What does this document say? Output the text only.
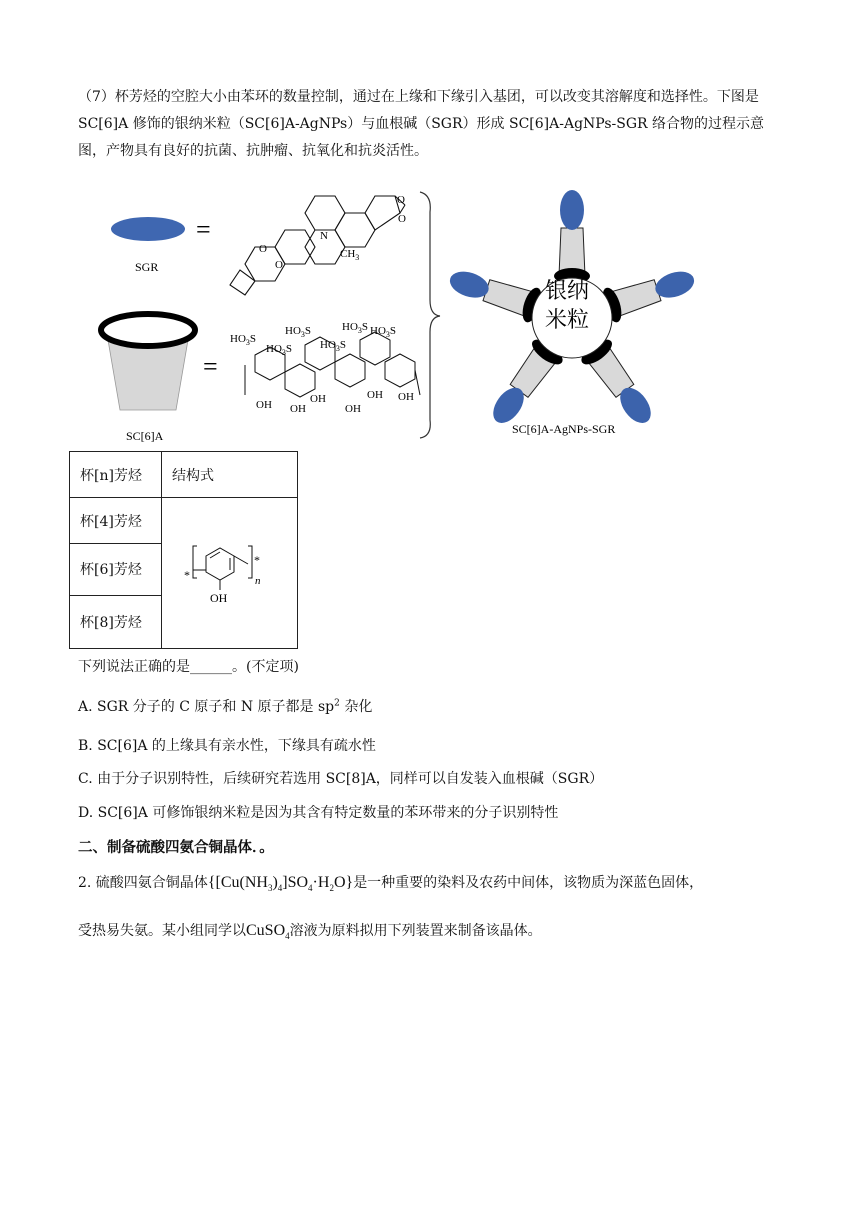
（7）杯芳烃的空腔大小由苯环的数量控制，通过在上缘和下缘引入基团，可以改变其溶解度和选择性。下图是 SC[6]A 修饰的银纳米粒（SC[6]A-AgNPs）与血根碱（SGR）形成 SC[6]A-AgNPs-SGR 络合物的过程示意图，产物具有良好的抗菌、抗肿瘤、抗氧化和抗炎活性。
SGR
=
O
O
O
O
N
$CH_3$
SC[6]A
=
$HO_3S$
$HO_3S$
$HO_3S$
$HO_3S$
$HO_3S$ $HO_3S$
OH OH
OH
OH
OH OH
银纳
米粒
SC[6]A-AgNPs-SGR
杯[n]芳烃	结构式
杯[4]芳烃	*
OH
*
n

杯[6]芳烃	
杯[8]芳烃	
下列说法正确的是______。(不定项)
A. SGR 分子的 C 原子和 N 原子都是 $sp^2$ 杂化
B. SC[6]A 的上缘具有亲水性，下缘具有疏水性
C. 由于分子识别特性，后续研究若选用 SC[8]A，同样可以自发装入血根碱（SGR）
D. SC[6]A 可修饰银纳米粒是因为其含有特定数量的苯环带来的分子识别特性
二、制备硫酸四氨合铜晶体．。
2. 硫酸四氨合铜晶体$\{[Cu(NH_3)_4]SO_4\cdot H_2O\}$是一种重要的染料及农药中间体，该物质为深蓝色固体，
受热易失氨。某小组同学以CuSO$_4$溶液为原料拟用下列装置来制备该晶体。
